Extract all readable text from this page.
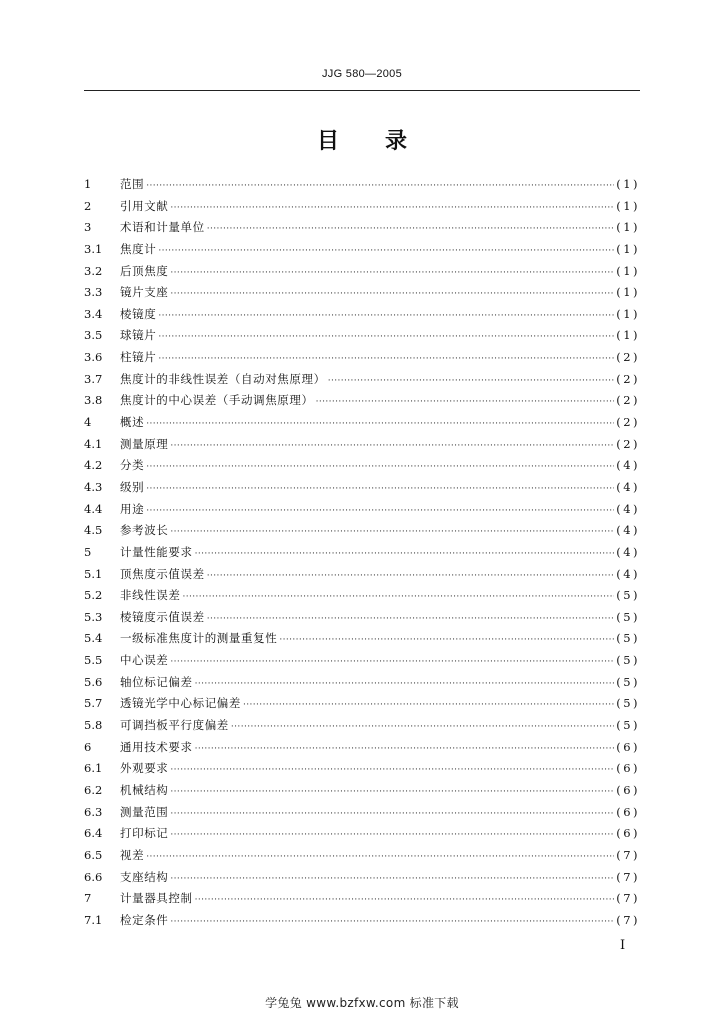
JJG 580—2005
目录
1	范围 ·····	(1)
2	引用文献 ·····	(1)
3	术语和计量单位 ·····	(1)
3.1	焦度计 ·····	(1)
3.2	后顶焦度 ·····	(1)
3.3	镜片支座 ·····	(1)
3.4	棱镜度 ·····	(1)
3.5	球镜片 ·····	(1)
3.6	柱镜片 ·····	(2)
3.7	焦度计的非线性误差（自动对焦原理） ·····	(2)
3.8	焦度计的中心误差（手动调焦原理） ·····	(2)
4	概述 ·····	(2)
4.1	测量原理 ·····	(2)
4.2	分类 ·····	(4)
4.3	级别 ·····	(4)
4.4	用途 ·····	(4)
4.5	参考波长 ·····	(4)
5	计量性能要求 ·····	(4)
5.1	顶焦度示值误差 ·····	(4)
5.2	非线性误差 ·····	(5)
5.3	棱镜度示值误差 ·····	(5)
5.4	一级标准焦度计的测量重复性 ·····	(5)
5.5	中心误差 ·····	(5)
5.6	轴位标记偏差 ·····	(5)
5.7	透镜光学中心标记偏差 ·····	(5)
5.8	可调挡板平行度偏差 ·····	(5)
6	通用技术要求 ·····	(6)
6.1	外观要求 ·····	(6)
6.2	机械结构 ·····	(6)
6.3	测量范围 ·····	(6)
6.4	打印标记 ·····	(6)
6.5	视差 ·····	(7)
6.6	支座结构 ·····	(7)
7	计量器具控制 ·····	(7)
7.1	检定条件 ·····	(7)
I
学兔兔 www.bzfxw.com 标准下载
